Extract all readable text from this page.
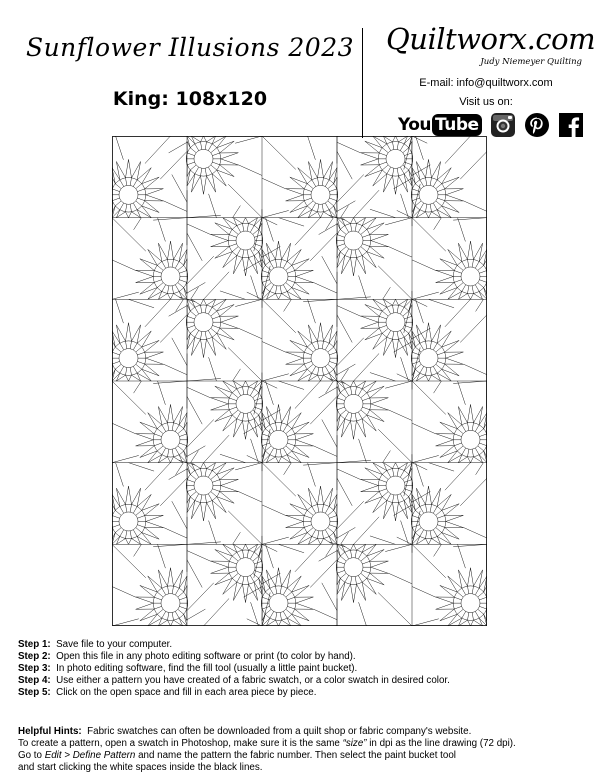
Sunflower Illusions 2023
King: 108x120
Quiltworx.com
Judy Niemeyer Quilting
E-mail: info@quiltworx.com
Visit us on:
You Tube
Step 1: Save file to your computer.
Step 2: Open this file in any photo editing software or print (to color by hand).
Step 3: In photo editing software, find the fill tool (usually a little paint bucket).
Step 4: Use either a pattern you have created of a fabric swatch, or a color swatch in desired color.
Step 5: Click on the open space and fill in each area piece by piece.
Helpful Hints: Fabric swatches can often be downloaded from a quilt shop or fabric company's website.
To create a pattern, open a swatch in Photoshop, make sure it is the same “size” in dpi as the line drawing (72 dpi).
Go to Edit > Define Pattern and name the pattern the fabric number. Then select the paint bucket tool
and start clicking the white spaces inside the black lines.
